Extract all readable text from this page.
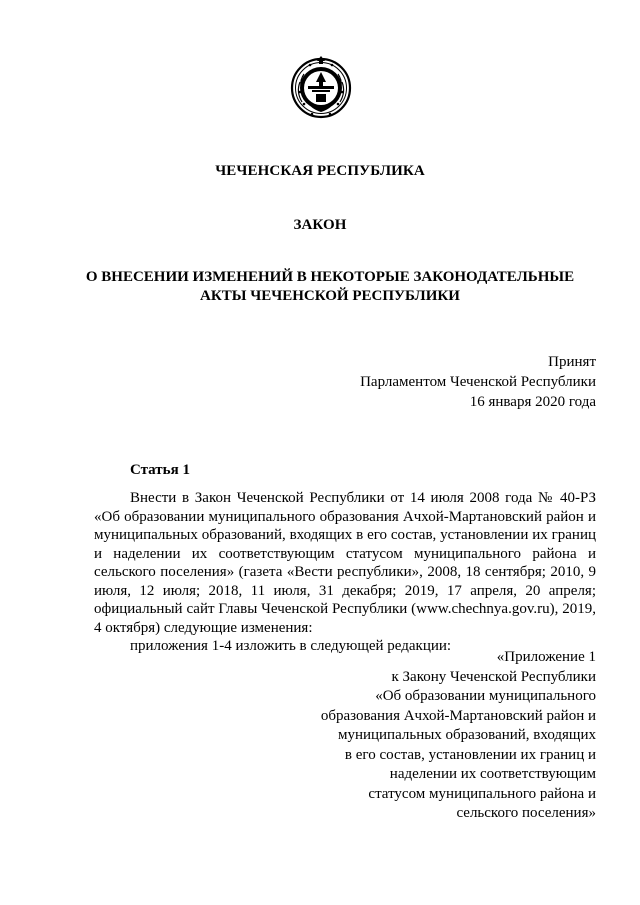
ЧЕЧЕНСКАЯ РЕСПУБЛИКА
ЗАКОН
О ВНЕСЕНИИ ИЗМЕНЕНИЙ В НЕКОТОРЫЕ ЗАКОНОДАТЕЛЬНЫЕ
АКТЫ ЧЕЧЕНСКОЙ РЕСПУБЛИКИ
Принят
Парламентом Чеченской Республики
16 января 2020 года
Статья 1

Внести в Закон Чеченской Республики от 14 июля 2008 года № 40-РЗ «Об образовании муниципального образования Ачхой-Мартановский район и муниципальных образований, входящих в его состав, установлении их границ и наделении их соответствующим статусом муниципального района и сельского поселения» (газета «Вести республики», 2008, 18 сентября; 2010, 9 июля, 12 июля; 2018, 11 июля, 31 декабря; 2019, 17 апреля, 20 апреля; официальный сайт Главы Чеченской Республики (www.chechnya.gov.ru), 2019, 4 октября) следующие изменения:

приложения 1-4 изложить в следующей редакции:

«Приложение 1
к Закону Чеченской Республики
«Об образовании муниципального
образования Ачхой-Мартановский район и
муниципальных образований, входящих
в его состав, установлении их границ и
наделении их соответствующим
статусом муниципального района и
сельского поселения»
